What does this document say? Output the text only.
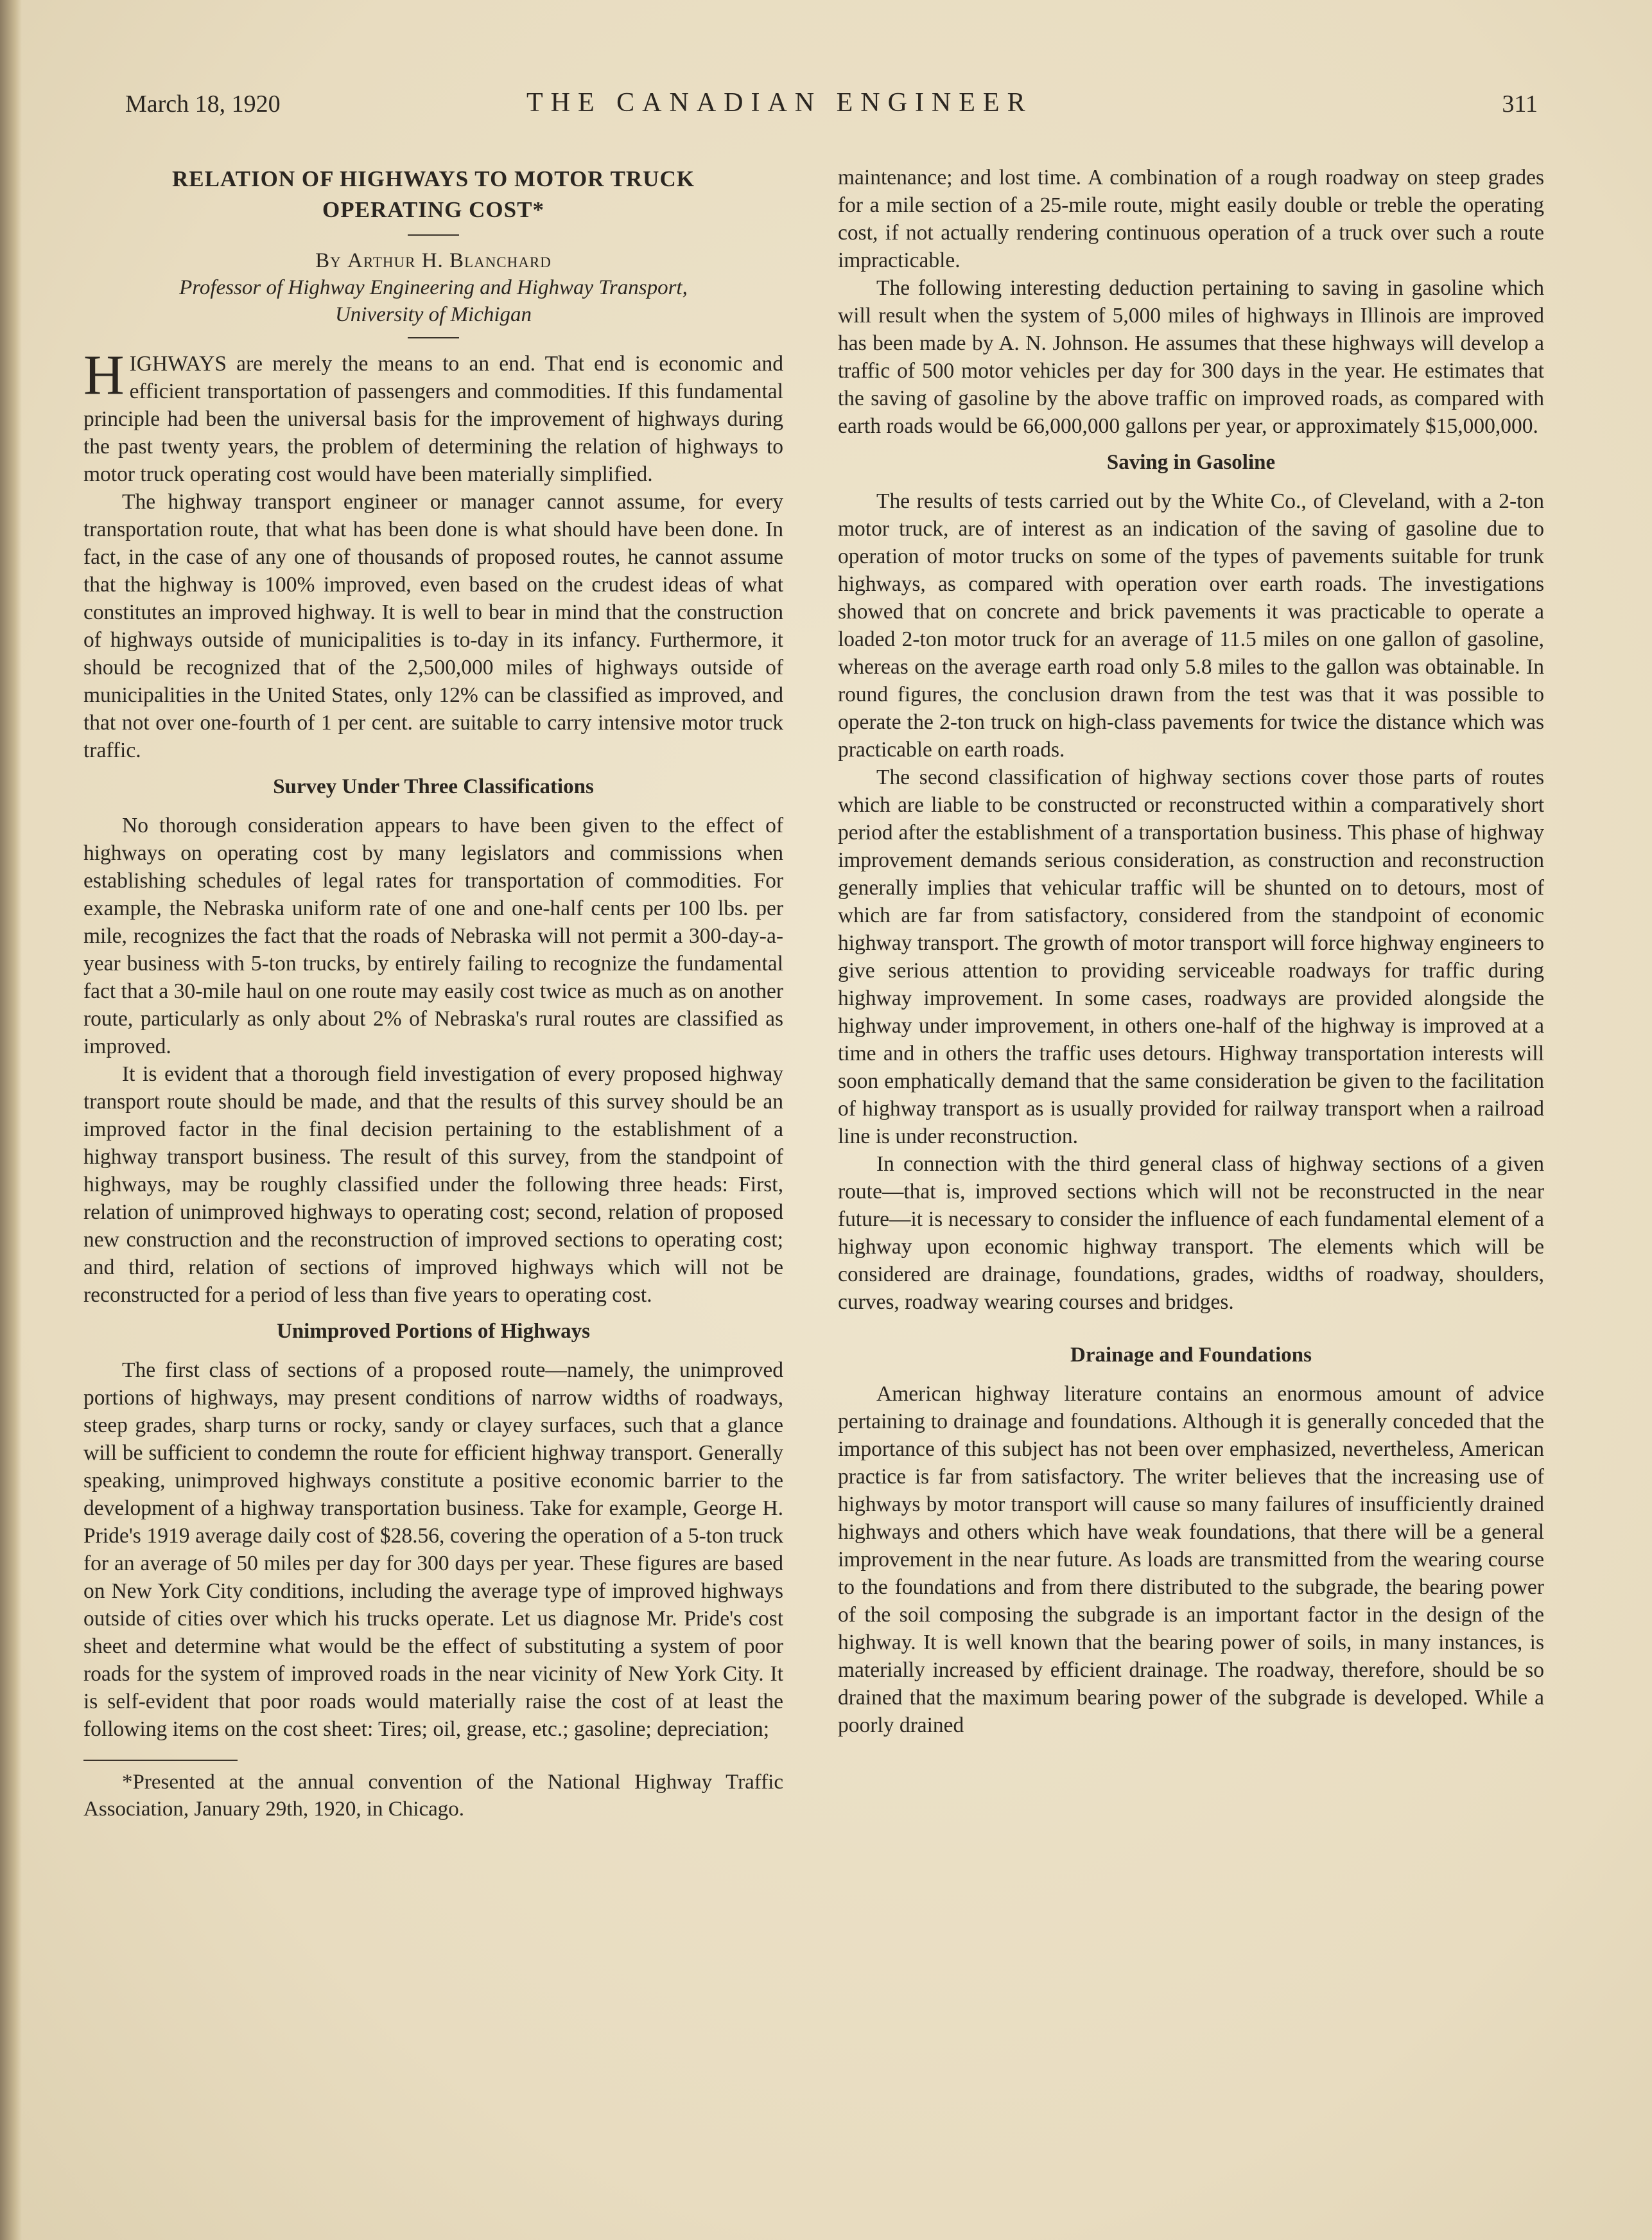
March 18, 1920	THE CANADIAN ENGINEER	311
RELATION OF HIGHWAYS TO MOTOR TRUCK OPERATING COST*
By Arthur H. Blanchard
Professor of Highway Engineering and Highway Transport,
University of Michigan

HIGHWAYS are merely the means to an end. That end is economic and efficient transportation of passengers and commodities. If this fundamental principle had been the universal basis for the improvement of highways during the past twenty years, the problem of determining the relation of highways to motor truck operating cost would have been materially simplified.

The highway transport engineer or manager cannot assume, for every transportation route, that what has been done is what should have been done. In fact, in the case of any one of thousands of proposed routes, he cannot assume that the highway is 100% improved, even based on the crudest ideas of what constitutes an improved highway. It is well to bear in mind that the construction of highways outside of municipalities is to-day in its infancy. Furthermore, it should be recognized that of the 2,500,000 miles of highways outside of municipalities in the United States, only 12% can be classified as improved, and that not over one-fourth of 1 per cent. are suitable to carry intensive motor truck traffic.

Survey Under Three Classifications

No thorough consideration appears to have been given to the effect of highways on operating cost by many legislators and commissions when establishing schedules of legal rates for transportation of commodities. For example, the Nebraska uniform rate of one and one-half cents per 100 lbs. per mile, recognizes the fact that the roads of Nebraska will not permit a 300-day-a-year business with 5-ton trucks, by entirely failing to recognize the fundamental fact that a 30-mile haul on one route may easily cost twice as much as on another route, particularly as only about 2% of Nebraska's rural routes are classified as improved.

It is evident that a thorough field investigation of every proposed highway transport route should be made, and that the results of this survey should be an improved factor in the final decision pertaining to the establishment of a highway transport business. The result of this survey, from the standpoint of highways, may be roughly classified under the following three heads: First, relation of unimproved highways to operating cost; second, relation of proposed new construction and the reconstruction of improved sections to operating cost; and third, relation of sections of improved highways which will not be reconstructed for a period of less than five years to operating cost.

Unimproved Portions of Highways

The first class of sections of a proposed route—namely, the unimproved portions of highways, may present conditions of narrow widths of roadways, steep grades, sharp turns or rocky, sandy or clayey surfaces, such that a glance will be sufficient to condemn the route for efficient highway transport. Generally speaking, unimproved highways constitute a positive economic barrier to the development of a highway transportation business. Take for example, George H. Pride's 1919 average daily cost of $28.56, covering the operation of a 5-ton truck for an average of 50 miles per day for 300 days per year. These figures are based on New York City conditions, including the average type of improved highways outside of cities over which his trucks operate. Let us diagnose Mr. Pride's cost sheet and determine what would be the effect of substituting a system of poor roads for the system of improved roads in the near vicinity of New York City. It is self-evident that poor roads would materially raise the cost of at least the following items on the cost sheet: Tires; oil, grease, etc.; gasoline; depreciation;

*Presented at the annual convention of the National Highway Traffic Association, January 29th, 1920, in Chicago.

maintenance; and lost time. A combination of a rough roadway on steep grades for a mile section of a 25-mile route, might easily double or treble the operating cost, if not actually rendering continuous operation of a truck over such a route impracticable.

The following interesting deduction pertaining to saving in gasoline which will result when the system of 5,000 miles of highways in Illinois are improved has been made by A. N. Johnson. He assumes that these highways will develop a traffic of 500 motor vehicles per day for 300 days in the year. He estimates that the saving of gasoline by the above traffic on improved roads, as compared with earth roads would be 66,000,000 gallons per year, or approximately $15,000,000.

Saving in Gasoline

The results of tests carried out by the White Co., of Cleveland, with a 2-ton motor truck, are of interest as an indication of the saving of gasoline due to operation of motor trucks on some of the types of pavements suitable for trunk highways, as compared with operation over earth roads. The investigations showed that on concrete and brick pavements it was practicable to operate a loaded 2-ton motor truck for an average of 11.5 miles on one gallon of gasoline, whereas on the average earth road only 5.8 miles to the gallon was obtainable. In round figures, the conclusion drawn from the test was that it was possible to operate the 2-ton truck on high-class pavements for twice the distance which was practicable on earth roads.

The second classification of highway sections cover those parts of routes which are liable to be constructed or reconstructed within a comparatively short period after the establishment of a transportation business. This phase of highway improvement demands serious consideration, as construction and reconstruction generally implies that vehicular traffic will be shunted on to detours, most of which are far from satisfactory, considered from the standpoint of economic highway transport. The growth of motor transport will force highway engineers to give serious attention to providing serviceable roadways for traffic during highway improvement. In some cases, roadways are provided alongside the highway under improvement, in others one-half of the highway is improved at a time and in others the traffic uses detours. Highway transportation interests will soon emphatically demand that the same consideration be given to the facilitation of highway transport as is usually provided for railway transport when a railroad line is under reconstruction.

In connection with the third general class of highway sections of a given route—that is, improved sections which will not be reconstructed in the near future—it is necessary to consider the influence of each fundamental element of a highway upon economic highway transport. The elements which will be considered are drainage, foundations, grades, widths of roadway, shoulders, curves, roadway wearing courses and bridges.

Drainage and Foundations

American highway literature contains an enormous amount of advice pertaining to drainage and foundations. Although it is generally conceded that the importance of this subject has not been over emphasized, nevertheless, American practice is far from satisfactory. The writer believes that the increasing use of highways by motor transport will cause so many failures of insufficiently drained highways and others which have weak foundations, that there will be a general improvement in the near future. As loads are transmitted from the wearing course to the foundations and from there distributed to the subgrade, the bearing power of the soil composing the subgrade is an important factor in the design of the highway. It is well known that the bearing power of soils, in many instances, is materially increased by efficient drainage. The roadway, therefore, should be so drained that the maximum bearing power of the subgrade is developed. While a poorly drained
